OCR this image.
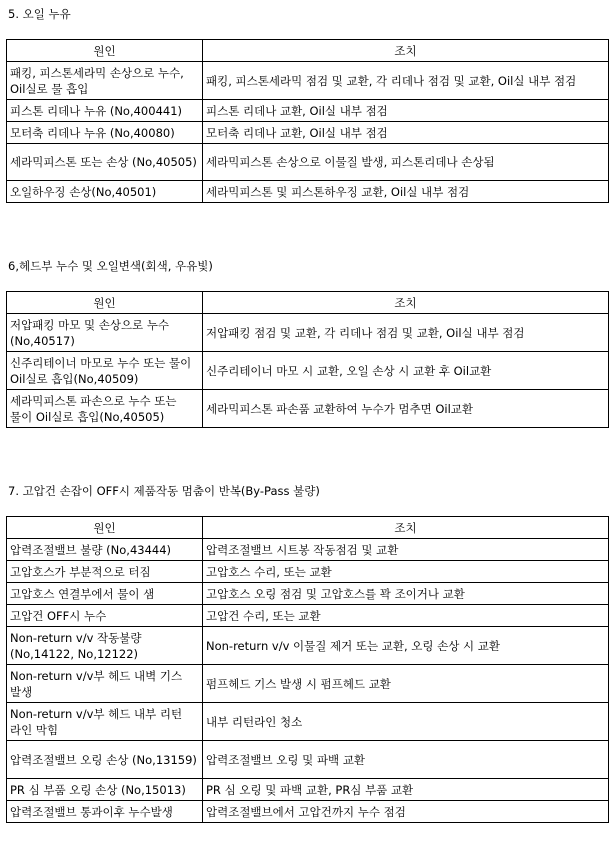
5. 오일 누유
원인	조치
패킹, 피스톤세라믹 손상으로 누수, Oil실로 물 흡입	패킹, 피스톤세라믹 점검 및 교환, 각 리데나 점검 및 교환, Oil실 내부 점검
피스톤 리데나 누유 (No,400441)	피스톤 리데나 교환, Oil실 내부 점검
모터축 리데나 누유 (No,40080)	모터축 리데나 교환, Oil실 내부 점검
세라믹피스톤 또는 손상 (No,40505)	세라믹피스톤 손상으로 이물질 발생, 피스톤리데나 손상됨
오일하우징 손상(No,40501)	세라믹피스톤 및 피스톤하우징 교환, Oil실 내부 점검
6,헤드부 누수 및 오일변색(회색, 우유빛)
원인	조치
저압패킹 마모 및 손상으로 누수 (No,40517)	저압패킹 점검 및 교환, 각 리데나 점검 및 교환, Oil실 내부 점검
신주리테이너 마모로 누수 또는 물이 Oil실로 흡입(No,40509)	신주리테이너 마모 시 교환, 오일 손상 시 교환 후 Oil교환
세라믹피스톤 파손으로 누수 또는 물이 Oil실로 흡입(No,40505)	세라믹피스톤 파손품 교환하여 누수가 멈추면 Oil교환
7. 고압건 손잡이 OFF시 제품작동 멈춤이 반복(By-Pass 불량)
원인	조치
압력조절밸브 불량 (No,43444)	압력조절밸브 시트봉 작동점검 및 교환
고압호스가 부분적으로 터짐	고압호스 수리, 또는 교환
고압호스 연결부에서 물이 샘	고압호스 오링 점검 및 고압호스를 꽉 조이거나 교환
고압건 OFF시 누수	고압건 수리, 또는 교환
Non-return v/v 작동불량 (No,14122, No,12122)	Non-return v/v 이물질 제거 또는 교환, 오링 손상 시 교환
Non-return v/v부 헤드 내벽 기스 발생	펌프헤드 기스 발생 시 펌프헤드 교환
Non-return v/v부 헤드 내부 리턴 라인 막힘	내부 리턴라인 청소
압력조절밸브 오링 손상 (No,13159)	압력조절밸브 오링 및 파백 교환
PR 심 부품 오링 손상 (No,15013)	PR 심 오링 및 파백 교환, PR심 부품 교환
압력조절밸브 통과이후 누수발생	압력조절밸브에서 고압건까지 누수 점검
